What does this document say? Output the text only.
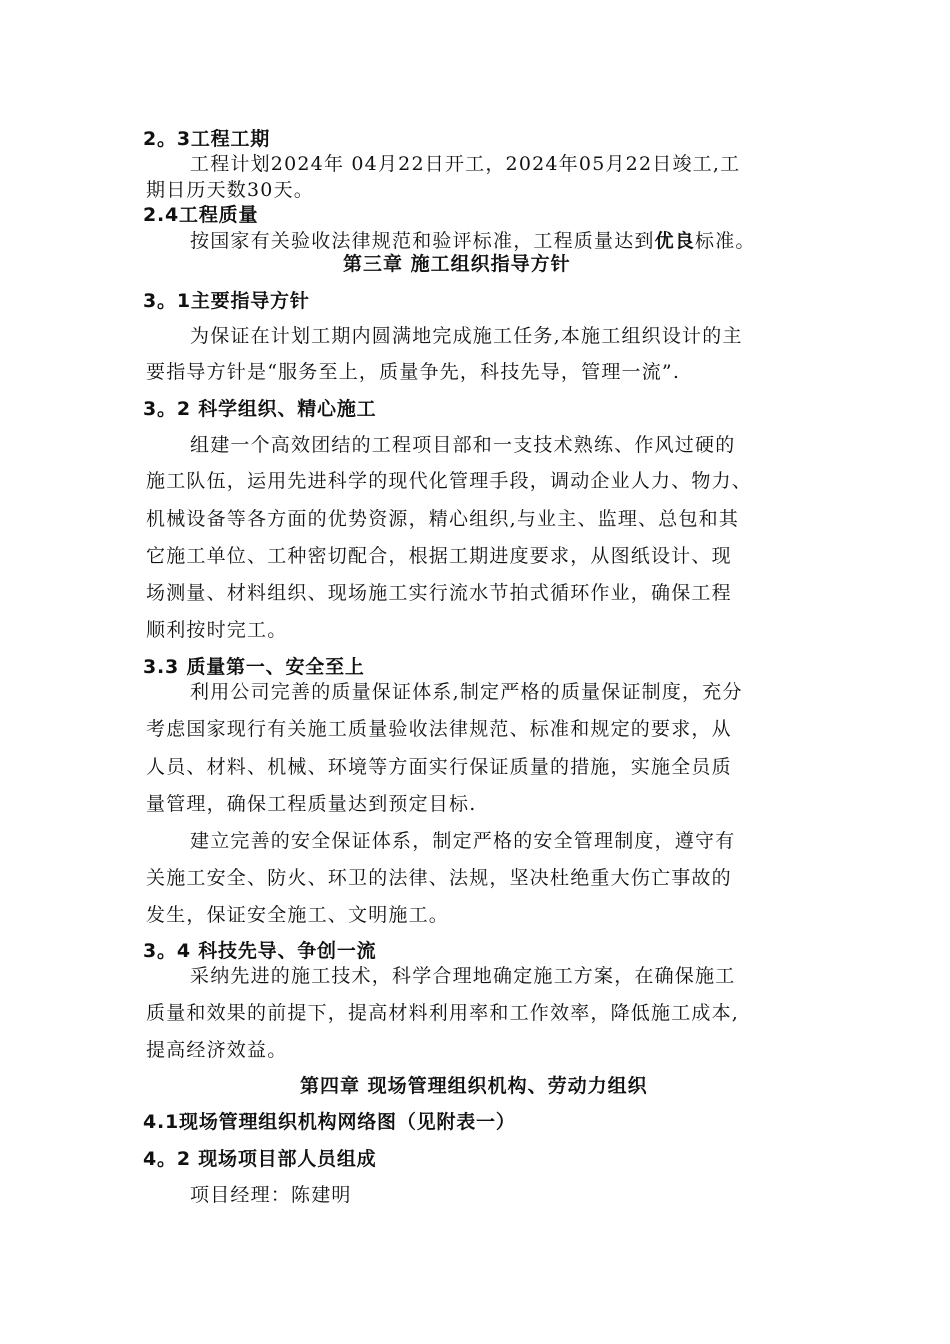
2。3工程工期
工程计划2024年 04月22日开工，2024年05月22日竣工,工
期日历天数30天。
2.4工程质量
按国家有关验收法律规范和验评标准，工程质量达到优良标准。
第三章 施工组织指导方针
3。1主要指导方针
为保证在计划工期内圆满地完成施工任务,本施工组织设计的主
要指导方针是“服务至上，质量争先，科技先导，管理一流”.
3。2 科学组织、精心施工
组建一个高效团结的工程项目部和一支技术熟练、作风过硬的
施工队伍，运用先进科学的现代化管理手段，调动企业人力、物力、
机械设备等各方面的优势资源，精心组织,与业主、监理、总包和其
它施工单位、工种密切配合，根据工期进度要求，从图纸设计、现
场测量、材料组织、现场施工实行流水节拍式循环作业，确保工程
顺利按时完工。
3.3 质量第一、安全至上
利用公司完善的质量保证体系,制定严格的质量保证制度，充分
考虑国家现行有关施工质量验收法律规范、标准和规定的要求，从
人员、材料、机械、环境等方面实行保证质量的措施，实施全员质
量管理，确保工程质量达到预定目标.
建立完善的安全保证体系，制定严格的安全管理制度，遵守有
关施工安全、防火、环卫的法律、法规，坚决杜绝重大伤亡事故的
发生，保证安全施工、文明施工。
3。4 科技先导、争创一流
采纳先进的施工技术，科学合理地确定施工方案，在确保施工
质量和效果的前提下，提高材料利用率和工作效率，降低施工成本,
提高经济效益。
第四章 现场管理组织机构、劳动力组织
4.1现场管理组织机构网络图（见附表一）
4。2 现场项目部人员组成
项目经理：陈建明
